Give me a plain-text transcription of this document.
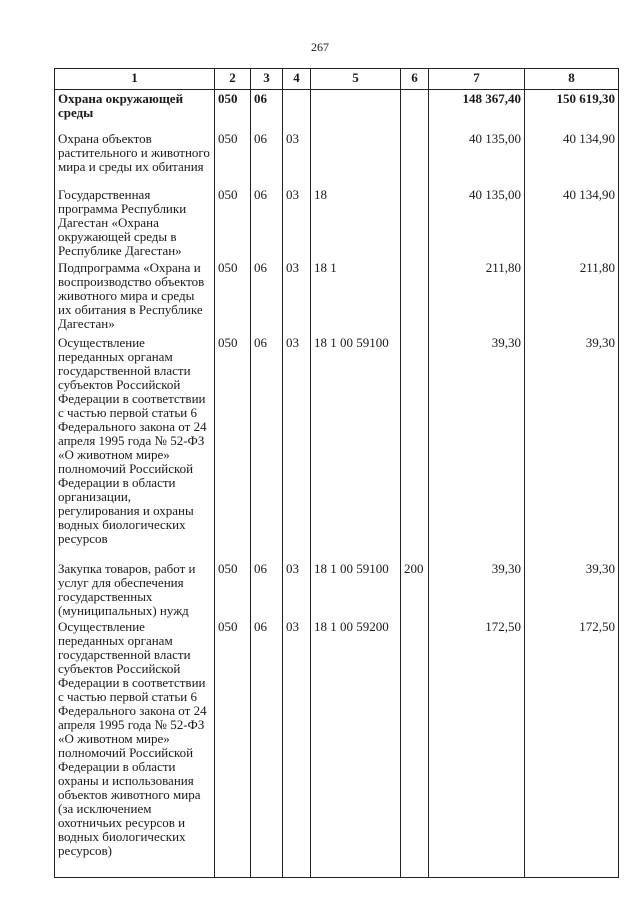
267
1	2	3	4	5	6	7	8
Охрана окружающей среды	050	06				148 367,40	150 619,30
Охрана объектов растительного и животного мира и среды их обитания	050	06	03			40 135,00	40 134,90
Государственная программа Республики Дагестан «Охрана окружающей среды в Республике Дагестан»	050	06	03	18		40 135,00	40 134,90
Подпрограмма «Охрана и воспроизводство объектов животного мира и среды их обитания в Республике Дагестан»	050	06	03	18 1		211,80	211,80
Осуществление переданных органам государственной власти субъектов Российской Федерации в соответствии с частью первой статьи 6 Федерального закона от 24 апреля 1995 года № 52-ФЗ «О животном мире» полномочий Российской Федерации в области организации, регулирования и охраны водных биологических ресурсов	050	06	03	18 1 00 59100		39,30	39,30
Закупка товаров, работ и услуг для обеспечения государственных (муниципальных) нужд	050	06	03	18 1 00 59100	200	39,30	39,30
Осуществление переданных органам государственной власти субъектов Российской Федерации в соответствии с частью первой статьи 6 Федерального закона от 24 апреля 1995 года № 52-ФЗ «О животном мире» полномочий Российской Федерации в области охраны и использования объектов животного мира (за исключением охотничьих ресурсов и водных биологических ресурсов)	050	06	03	18 1 00 59200		172,50	172,50
